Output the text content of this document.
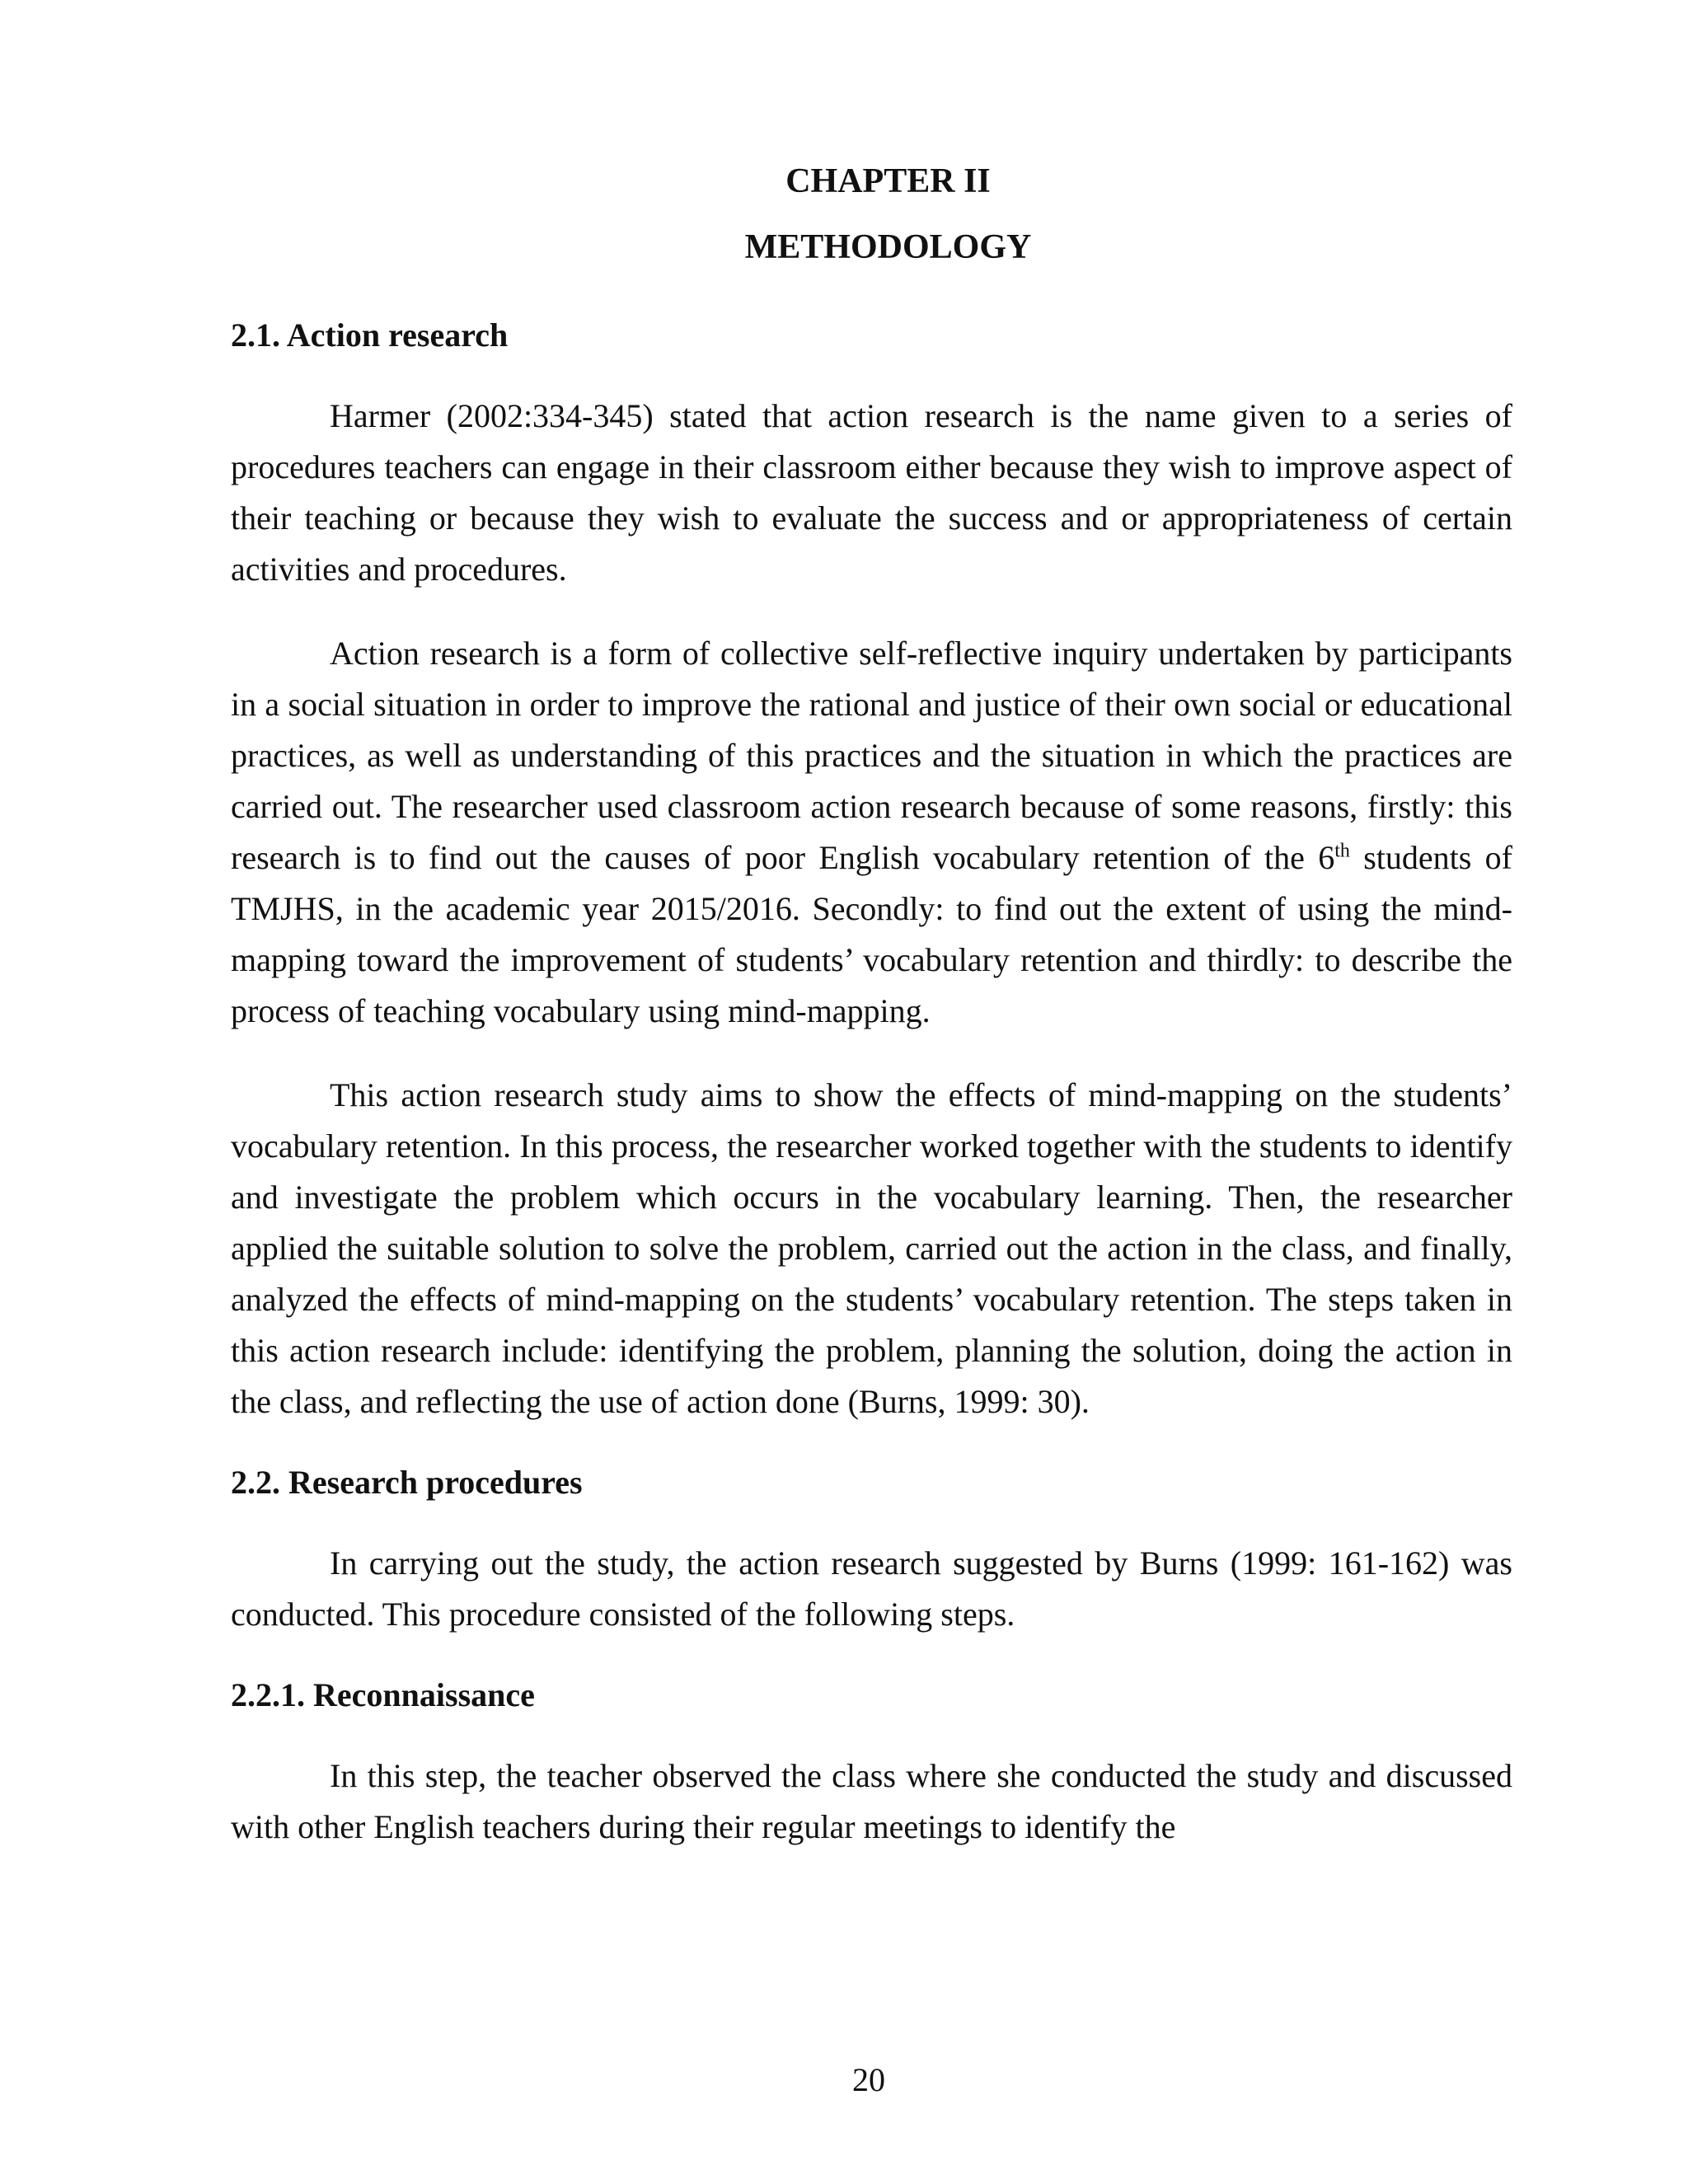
CHAPTER II
METHODOLOGY
2.1. Action research

Harmer (2002:334-345) stated that action research is the name given to a series of procedures teachers can engage in their classroom either because they wish to improve aspect of their teaching or because they wish to evaluate the success and or appropriateness of certain activities and procedures.

Action research is a form of collective self-reflective inquiry undertaken by participants in a social situation in order to improve the rational and justice of their own social or educational practices, as well as understanding of this practices and the situation in which the practices are carried out. The researcher used classroom action research because of some reasons, firstly: this research is to find out the causes of poor English vocabulary retention of the 6th students of TMJHS, in the academic year 2015/2016. Secondly: to find out the extent of using the mind-mapping toward the improvement of students’ vocabulary retention and thirdly: to describe the process of teaching vocabulary using mind-mapping.

This action research study aims to show the effects of mind-mapping on the students’ vocabulary retention. In this process, the researcher worked together with the students to identify and investigate the problem which occurs in the vocabulary learning. Then, the researcher applied the suitable solution to solve the problem, carried out the action in the class, and finally, analyzed the effects of mind-mapping on the students’ vocabulary retention. The steps taken in this action research include: identifying the problem, planning the solution, doing the action in the class, and reflecting the use of action done (Burns, 1999: 30).

2.2. Research procedures

In carrying out the study, the action research suggested by Burns (1999: 161-162) was conducted. This procedure consisted of the following steps.

2.2.1. Reconnaissance

In this step, the teacher observed the class where she conducted the study and discussed with other English teachers during their regular meetings to identify the

20
